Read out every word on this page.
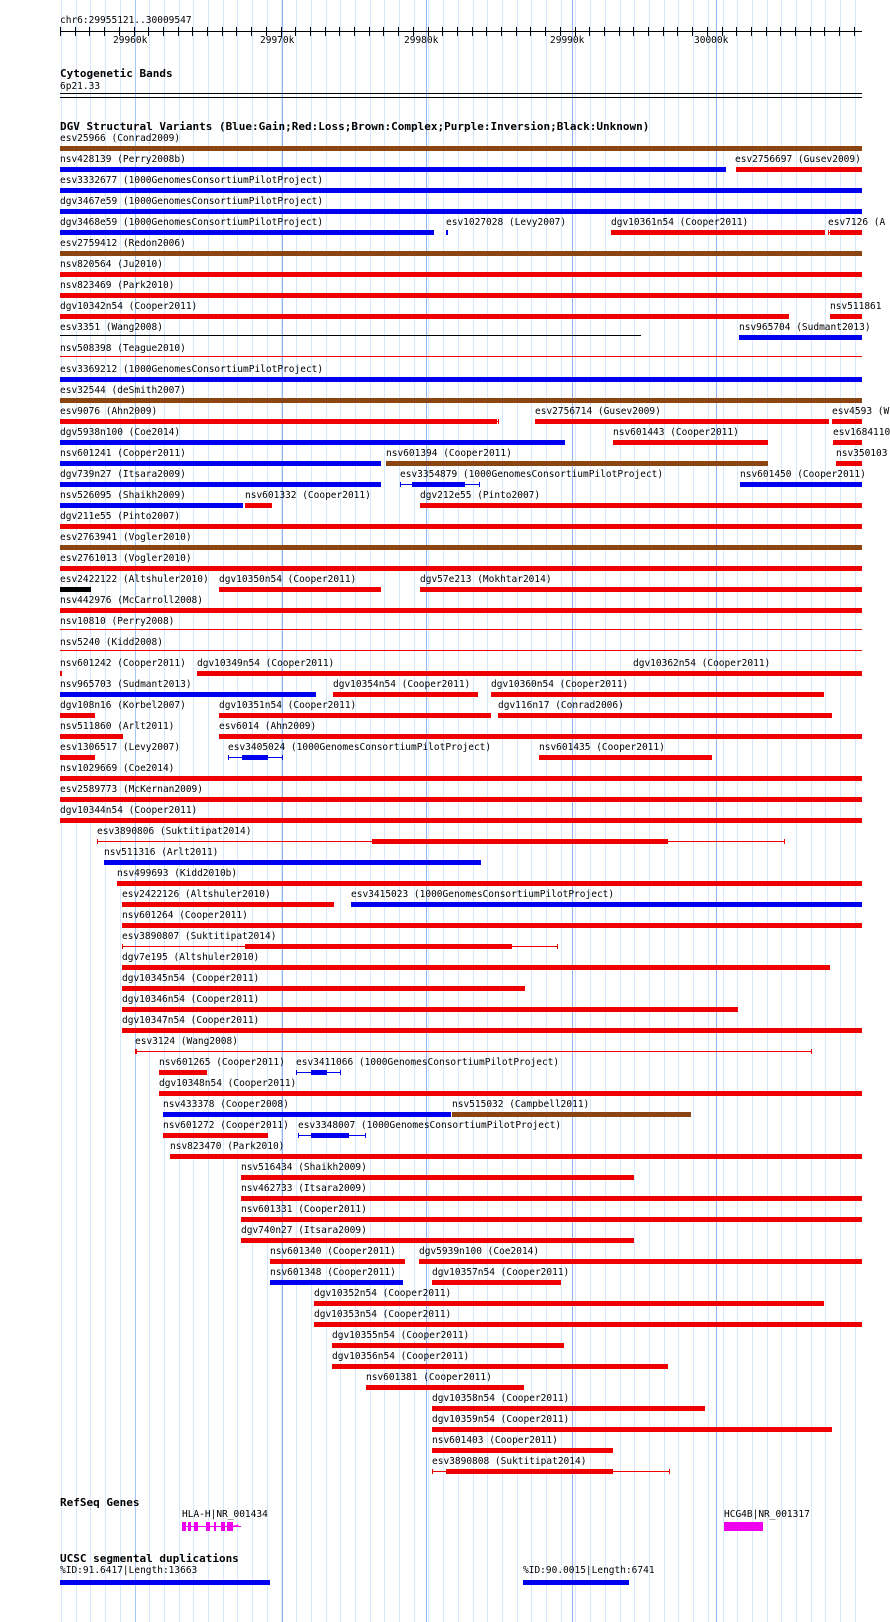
chr6:29955121..30009547
Cytogenetic Bands
6p21.33
DGV Structural Variants (Blue:Gain;Red:Loss;Brown:Complex;Purple:Inversion;Black:Unknown)
RefSeq Genes
UCSC segmental duplications
29960k	29970k	29980k	29990k	30000k
esv25966 (Conrad2009)
nsv428139 (Perry2008b)	esv2756697 (Gusev2009)
esv3332677 (1000GenomesConsortiumPilotProject)
dgv3467e59 (1000GenomesConsortiumPilotProject)
dgv3468e59 (1000GenomesConsortiumPilotProject)	esv1027028 (Levy2007)	dgv10361n54 (Cooper2011)	esv7126 (A
esv2759412 (Redon2006)
nsv820564 (Ju2010)
nsv823469 (Park2010)
dgv10342n54 (Cooper2011)	nsv511861
esv3351 (Wang2008)	nsv965704 (Sudmant2013)
nsv508398 (Teague2010)
esv3369212 (1000GenomesConsortiumPilotProject)
esv32544 (deSmith2007)
esv9076 (Ahn2009)	esv2756714 (Gusev2009)	esv4593 (W
dgv5938n100 (Coe2014)	nsv601443 (Cooper2011)	esv1684110
nsv601241 (Cooper2011)	nsv601394 (Cooper2011)	nsv350103
dgv739n27 (Itsara2009)	esv3354879 (1000GenomesConsortiumPilotProject)	nsv601450 (Cooper2011)
nsv526095 (Shaikh2009)	nsv601332 (Cooper2011)	dgv212e55 (Pinto2007)
dgv211e55 (Pinto2007)
esv2763941 (Vogler2010)
esv2761013 (Vogler2010)
esv2422122 (Altshuler2010) dgv10350n54 (Cooper2011)	dgv57e213 (Mokhtar2014)
nsv442976 (McCarroll2008)
nsv10810 (Perry2008)
nsv5240 (Kidd2008)
nsv601242 (Cooper2011) dgv10349n54 (Cooper2011)	dgv10362n54 (Cooper2011)
nsv965703 (Sudmant2013)	dgv10354n54 (Cooper2011) dgv10360n54 (Cooper2011)
dgv108n16 (Korbel2007)	dgv10351n54 (Cooper2011)	dgv116n17 (Conrad2006)
nsv511860 (Arlt2011)	esv6014 (Ahn2009)
esv1306517 (Levy2007)	esv3405024 (1000GenomesConsortiumPilotProject)	nsv601435 (Cooper2011)
nsv1029669 (Coe2014)
esv2589773 (McKernan2009)
dgv10344n54 (Cooper2011)
esv3890806 (Suktitipat2014)
nsv511316 (Arlt2011)
nsv499693 (Kidd2010b)
esv2422126 (Altshuler2010)	esv3415023 (1000GenomesConsortiumPilotProject)
nsv601264 (Cooper2011)
esv3890807 (Suktitipat2014)
dgv7e195 (Altshuler2010)
dgv10345n54 (Cooper2011)
dgv10346n54 (Cooper2011)
dgv10347n54 (Cooper2011)
esv3124 (Wang2008)
nsv601265 (Cooper2011) esv3411066 (1000GenomesConsortiumPilotProject)
dgv10348n54 (Cooper2011)
nsv433378 (Cooper2008)	nsv515032 (Campbell2011)
nsv601272 (Cooper2011) esv3348007 (1000GenomesConsortiumPilotProject)
nsv823470 (Park2010)
nsv516434 (Shaikh2009)
nsv462733 (Itsara2009)
nsv601331 (Cooper2011)
dgv740n27 (Itsara2009)
nsv601340 (Cooper2011) dgv5939n100 (Coe2014)
nsv601348 (Cooper2011)	dgv10357n54 (Cooper2011)
dgv10352n54 (Cooper2011)
dgv10353n54 (Cooper2011)
dgv10355n54 (Cooper2011)
dgv10356n54 (Cooper2011)
nsv601381 (Cooper2011)
dgv10358n54 (Cooper2011)
dgv10359n54 (Cooper2011)
nsv601403 (Cooper2011)
esv3890808 (Suktitipat2014)
HLA-H|NR_001434
→
HCG4B|NR_001317
%ID:91.6417|Length:13663	%ID:90.0015|Length:6741
